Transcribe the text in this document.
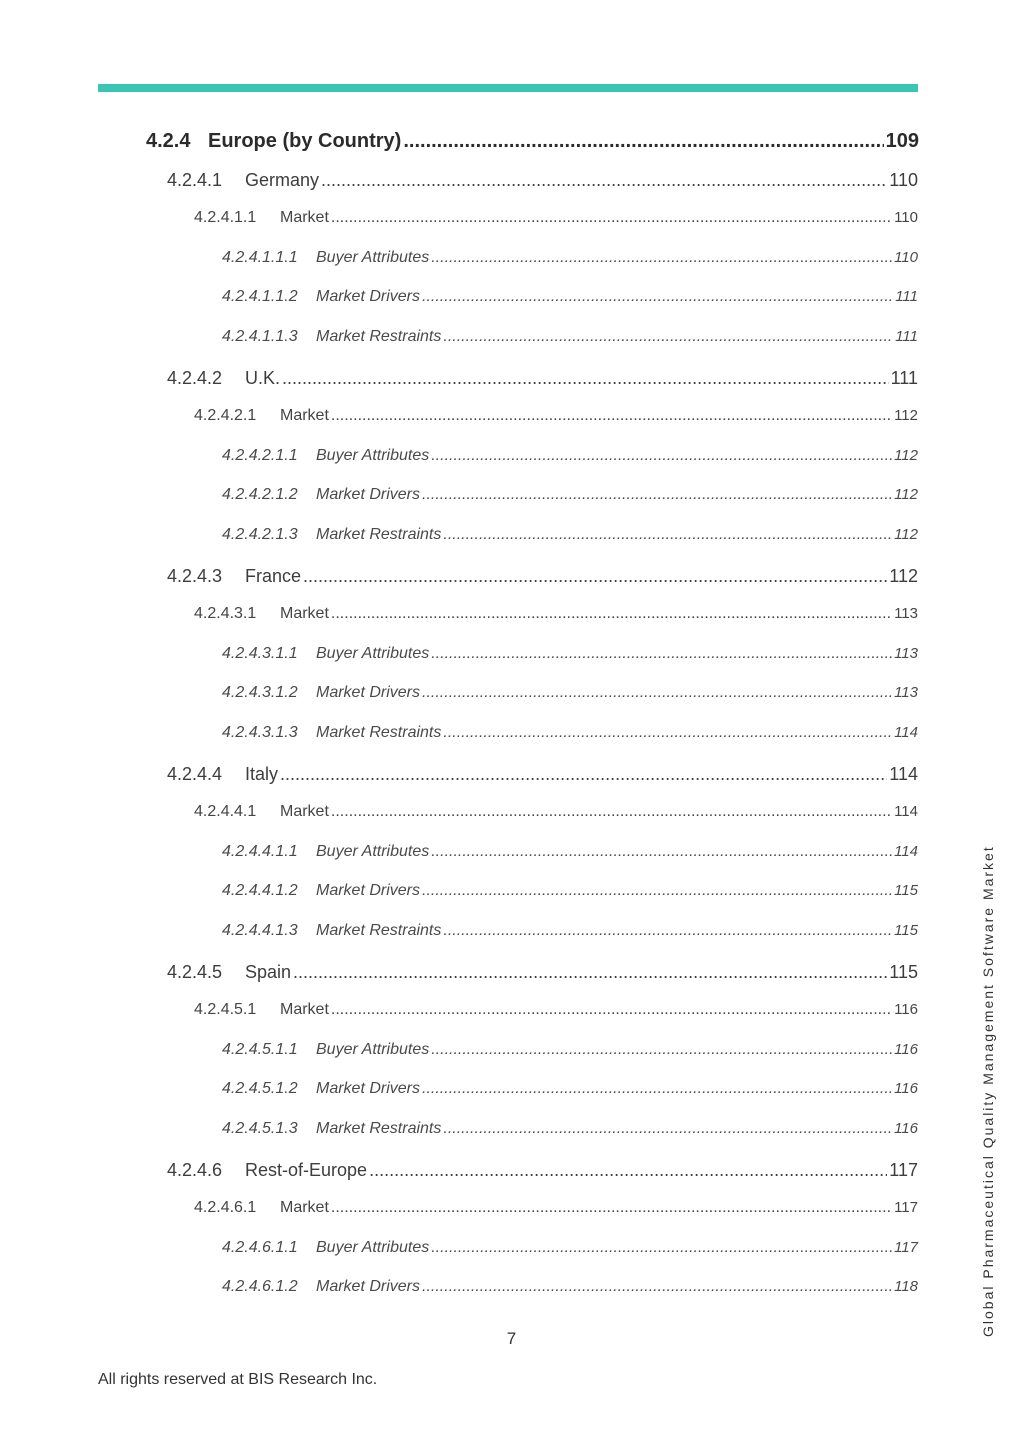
4.2.4 Europe (by Country) .....	109
4.2.4.1	Germany .....	110
4.2.4.1.1	Market .....	110
4.2.4.1.1.1	Buyer Attributes .....	110
4.2.4.1.1.2	Market Drivers .....	111
4.2.4.1.1.3	Market Restraints .....	111
4.2.4.2	U.K. .....	111
4.2.4.2.1	Market .....	112
4.2.4.2.1.1	Buyer Attributes .....	112
4.2.4.2.1.2	Market Drivers .....	112
4.2.4.2.1.3	Market Restraints .....	112
4.2.4.3	France .....	112
4.2.4.3.1	Market .....	113
4.2.4.3.1.1	Buyer Attributes .....	113
4.2.4.3.1.2	Market Drivers .....	113
4.2.4.3.1.3	Market Restraints .....	114
4.2.4.4	Italy .....	114
4.2.4.4.1	Market .....	114
4.2.4.4.1.1	Buyer Attributes .....	114
4.2.4.4.1.2	Market Drivers .....	115
4.2.4.4.1.3	Market Restraints .....	115
4.2.4.5	Spain .....	115
4.2.4.5.1	Market .....	116
4.2.4.5.1.1	Buyer Attributes .....	116
4.2.4.5.1.2	Market Drivers .....	116
4.2.4.5.1.3	Market Restraints .....	116
4.2.4.6	Rest-of-Europe .....	117
4.2.4.6.1	Market .....	117
4.2.4.6.1.1	Buyer Attributes .....	117
4.2.4.6.1.2	Market Drivers .....	118
7
All rights reserved at BIS Research Inc.
Global Pharmaceutical Quality Management Software Market
